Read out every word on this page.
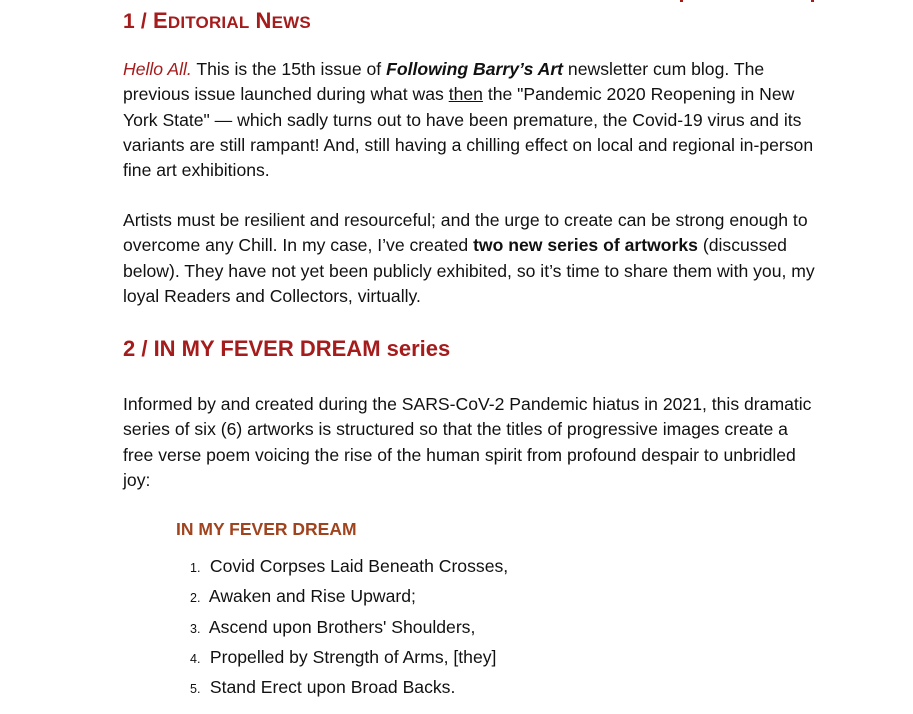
1 / EDITORIAL NEWS

Hello All. This is the 15th issue of Following Barry’s Art newsletter cum blog. The previous issue launched during what was then the "Pandemic 2020 Reopening in New York State" — which sadly turns out to have been premature, the Covid-19 virus and its variants are still rampant! And, still having a chilling effect on local and regional in-person fine art exhibitions.

Artists must be resilient and resourceful; and the urge to create can be strong enough to overcome any Chill. In my case, I’ve created two new series of artworks (discussed below). They have not yet been publicly exhibited, so it’s time to share them with you, my loyal Readers and Collectors, virtually.

2 / IN MY FEVER DREAM series

Informed by and created during the SARS-CoV-2 Pandemic hiatus in 2021, this dramatic series of six (6) artworks is structured so that the titles of progressive images create a free verse poem voicing the rise of the human spirit from profound despair to unbridled joy:

IN MY FEVER DREAM
1. Covid Corpses Laid Beneath Crosses,
2. Awaken and Rise Upward;
3. Ascend upon Brothers' Shoulders,
4. Propelled by Strength of Arms, [they]
5. Stand Erect upon Broad Backs.
